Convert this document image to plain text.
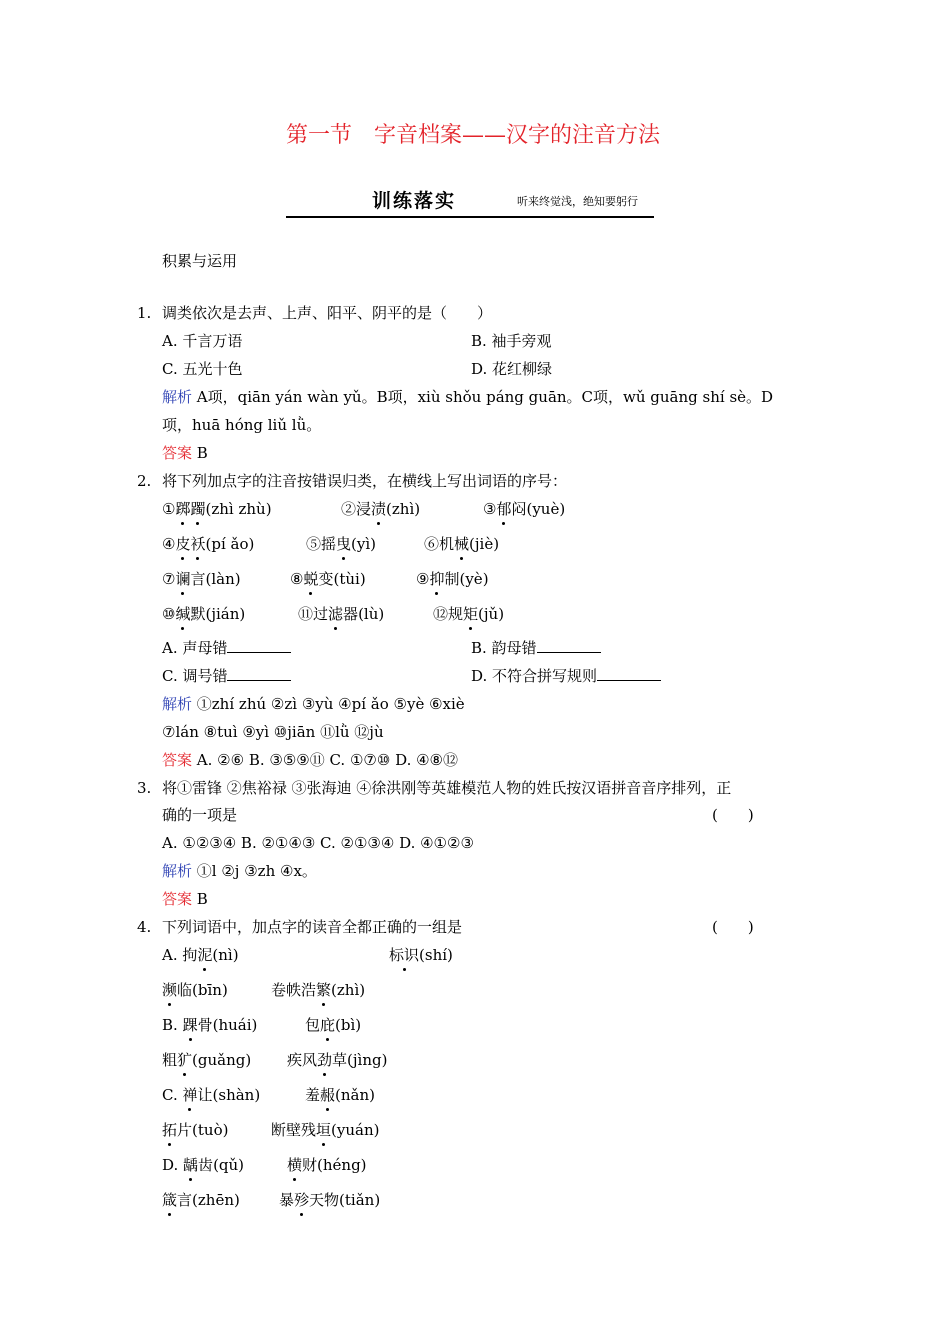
第一节　字音档案——汉字的注音方法
训练落实	听来终觉浅，绝知要躬行
积累与运用
1. 调类依次是去声、上声、阳平、阴平的是（　　）
A. 千言万语	B. 袖手旁观
C. 五光十色	D. 花红柳绿
解析 A项，qiān yán wàn yǔ。B项，xiù shǒu páng guān。C项，wǔ guāng shí sè。D
项，huā hóng liǔ lǜ。
答案 B
2. 将下列加点字的注音按错误归类，在横线上写出词语的序号：
①踯躅(zhì zhù)	②浸渍(zhì)	③郁闷(yuè)
④皮袄(pí ǎo)	⑤摇曳(yì)	⑥机械(jiè)
⑦谰言(làn)	⑧蜕变(tùi)	⑨抑制(yè)
⑩缄默(jián)	⑪过滤器(lù)	⑫规矩(jǔ)
A. 声母错	B. 韵母错
C. 调号错	D. 不符合拼写规则
解析 ①zhí zhú ②zì ③yù ④pí ǎo ⑤yè ⑥xiè
⑦lán ⑧tuì ⑨yì ⑩jiān ⑪lǜ ⑫jù
答案 A. ②⑥ B. ③⑤⑨⑪ C. ①⑦⑩ D. ④⑧⑫
3. 将①雷锋 ②焦裕禄 ③张海迪 ④徐洪刚等英雄模范人物的姓氏按汉语拼音音序排列，正
确的一项是	(　　)
A. ①②③④ B. ②①④③ C. ②①③④ D. ④①②③
解析 ①l ②j ③zh ④x。
答案 B
4. 下列词语中，加点字的读音全都正确的一组是	(　　)
A. 拘泥(nì)	标识(shí)
濒临(bīn)	卷帙浩繁(zhì)
B. 踝骨(huái)	包庇(bì)
粗犷(guǎng) 疾风劲草(jìng)
C. 禅让(shàn)	羞赧(nǎn)
拓片(tuò)	断壁残垣(yuán)
D. 龋齿(qǔ)	横财(héng)
箴言(zhēn)	暴殄天物(tiǎn)
